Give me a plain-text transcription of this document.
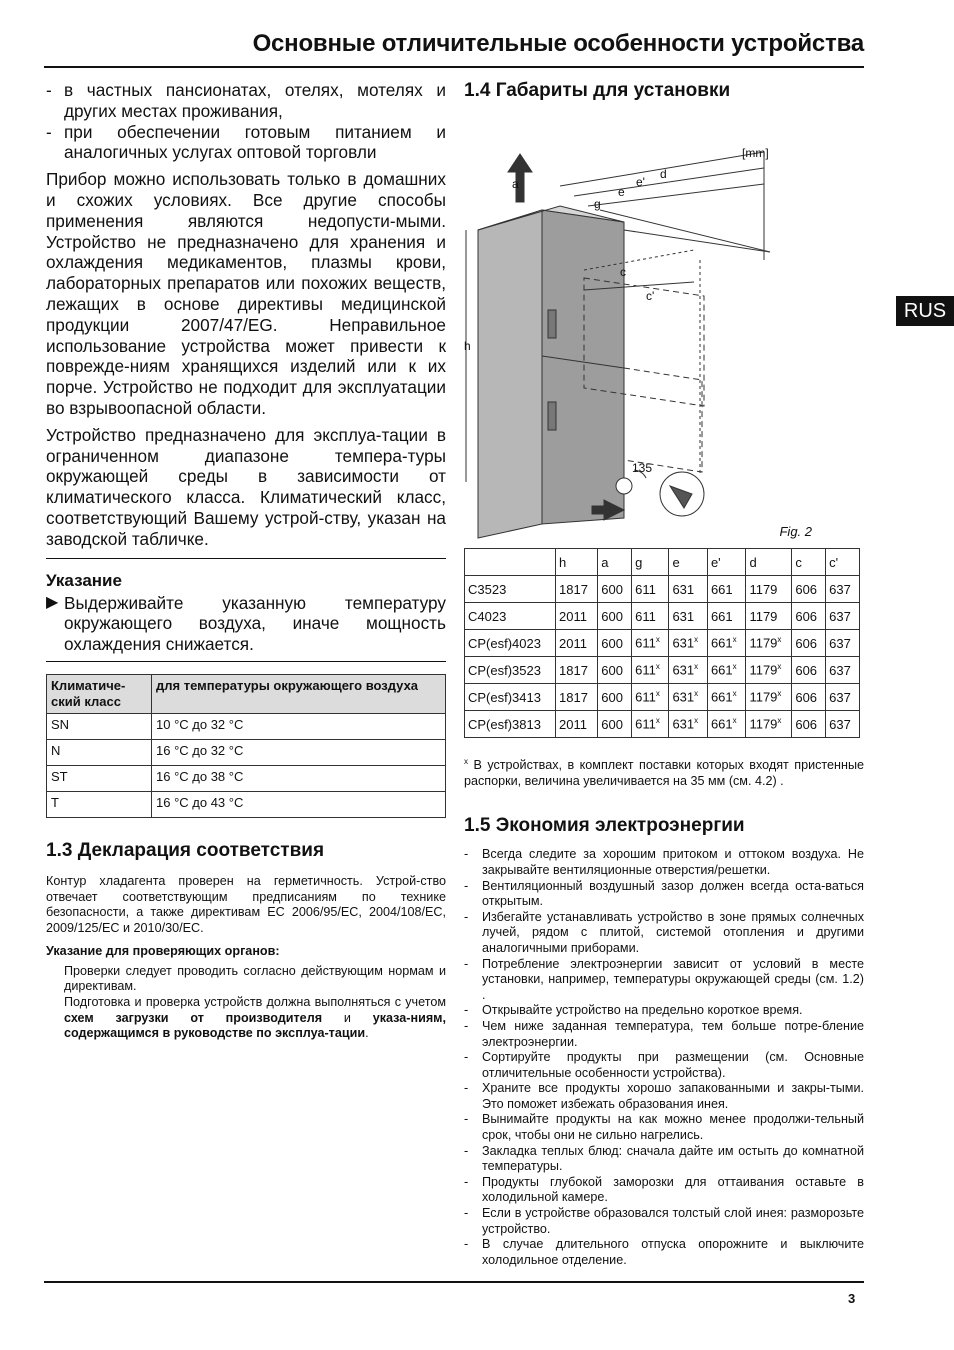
Основные отличительные особенности устройства
RUS
- в частных пансионатах, отелях, мотелях и других местах проживания,
- при обеспечении готовым питанием и аналогичных услугах оптовой торговли
Прибор можно использовать только в домашних и схожих условиях. Все другие способы применения являются недопусти-мыми. Устройство не предназначено для хранения и охлаждения медикаментов, плазмы крови, лабораторных препаратов или похожих веществ, лежащих в основе директивы медицинской продукции 2007/47/EG. Неправильное использование устройства может привести к поврежде-ниям хранящихся изделий или к их порче. Устройство не подходит для эксплуатации во взрывоопасной области.
Устройство предназначено для эксплуа-тации в ограниченном диапазоне темпера-туры окружающей среды в зависимости от климатического класса. Климатический класс, соответствующий Вашему устрой-ству, указан на заводской табличке.
Указание
▶ Выдерживайте указанную температуру окружающего воздуха, иначе мощность охлаждения снижается.
Климатиче-ский класс	для температуры окружающего воздуха
SN	10 °C до 32 °C
N	16 °C до 32 °C
ST	16 °C до 38 °C
T	16 °C до 43 °C
1.3 Декларация соответствия

Контур хладагента проверен на герметичность. Устрой-ство отвечает соответствующим предписаниям по технике безопасности, а также директивам ЕС 2006/95/EC, 2004/108/EC, 2009/125/EC и 2010/30/EC.

Указание для проверяющих органов:

Проверки следует проводить согласно действующим нормам и директивам.

Подготовка и проверка устройств должна выполняться с учетом схем загрузки от производителя и указа-ниям, содержащимся в руководстве по эксплуа-тации.

1.4 Габариты для установки
[mm]
a
h
g
e
e'
d
c
c'
135
Fig. 2
	h	a	g	e	e'	d	c	c'
C3523	1817	600	611	631	661	1179	606	637
C4023	2011	600	611	631	661	1179	606	637
CP(esf)4023	2011	600	611$^x$	631$^x$	661$^x$	1179$^x$	606	637
CP(esf)3523	1817	600	611$^x$	631$^x$	661$^x$	1179$^x$	606	637
CP(esf)3413	1817	600	611$^x$	631$^x$	661$^x$	1179$^x$	606	637
CP(esf)3813	2011	600	611$^x$	631$^x$	661$^x$	1179$^x$	606	637
$^x$ В устройствах, в комплект поставки которых входят пристенные распорки, величина увеличивается на 35 мм (см. 4.2) .
1.5 Экономия электроэнергии
- Всегда следите за хорошим притоком и оттоком воздуха. Не закрывайте вентиляционные отверстия/решетки.
- Вентиляционный воздушный зазор должен всегда оста-ваться открытым.
- Избегайте устанавливать устройство в зоне прямых солнечных лучей, рядом с плитой, системой отопления и другими аналогичными приборами.
- Потребление электроэнергии зависит от условий в месте установки, например, температуры окружающей среды (см. 1.2) .
- Открывайте устройство на предельно короткое время.
- Чем ниже заданная температура, тем больше потре-бление электроэнергии.
- Сортируйте продукты при размещении (см. Основные отличительные особенности устройства).
- Храните все продукты хорошо запакованными и закры-тыми. Это поможет избежать образования инея.
- Вынимайте продукты на как можно менее продолжи-тельный срок, чтобы они не сильно нагрелись.
- Закладка теплых блюд: сначала дайте им остыть до комнатной температуры.
- Продукты глубокой заморозки для оттаивания оставьте в холодильной камере.
- Если в устройстве образовался толстый слой инея: разморозьте устройство.
- В случае длительного отпуска опорожните и выключите холодильное отделение.
3
